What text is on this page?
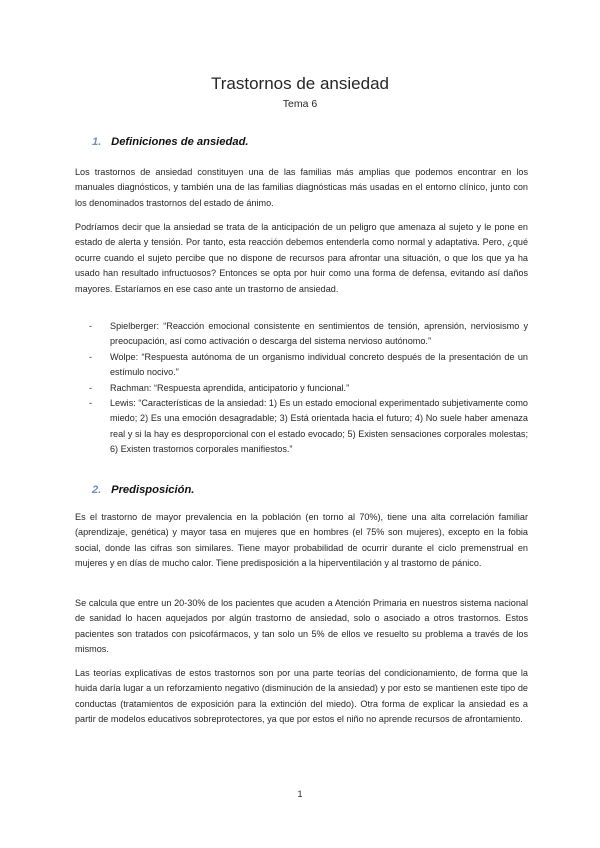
Trastornos de ansiedad
Tema 6
1. Definiciones de ansiedad.

Los trastornos de ansiedad constituyen una de las familias más amplias que podemos encontrar en los manuales diagnósticos, y también una de las familias diagnósticas más usadas en el entorno clínico, junto con los denominados trastornos del estado de ánimo.

Podríamos decir que la ansiedad se trata de la anticipación de un peligro que amenaza al sujeto y le pone en estado de alerta y tensión. Por tanto, esta reacción debemos entenderla como normal y adaptativa. Pero, ¿qué ocurre cuando el sujeto percibe que no dispone de recursos para afrontar una situación, o que los que ya ha usado han resultado infructuosos? Entonces se opta por huir como una forma de defensa, evitando así daños mayores. Estaríamos en ese caso ante un trastorno de ansiedad.

- Spielberger: “Reacción emocional consistente en sentimientos de tensión, aprensión, nerviosismo y preocupación, así como activación o descarga del sistema nervioso autónomo.”
- Wolpe: “Respuesta autónoma de un organismo individual concreto después de la presentación de un estímulo nocivo.”
- Rachman: “Respuesta aprendida, anticipatorio y funcional.”
- Lewis: “Características de la ansiedad: 1) Es un estado emocional experimentado subjetivamente como miedo; 2) Es una emoción desagradable; 3) Está orientada hacia el futuro; 4) No suele haber amenaza real y si la hay es desproporcional con el estado evocado; 5) Existen sensaciones corporales molestas; 6) Existen trastornos corporales manifiestos.”
2. Predisposición.

Es el trastorno de mayor prevalencia en la población (en torno al 70%), tiene una alta correlación familiar (aprendizaje, genética) y mayor tasa en mujeres que en hombres (el 75% son mujeres), excepto en la fobia social, donde las cifras son similares. Tiene mayor probabilidad de ocurrir durante el ciclo premenstrual en mujeres y en días de mucho calor. Tiene predisposición a la hiperventilación y al trastorno de pánico.

Se calcula que entre un 20-30% de los pacientes que acuden a Atención Primaria en nuestros sistema nacional de sanidad lo hacen aquejados por algún trastorno de ansiedad, solo o asociado a otros trastornos. Estos pacientes son tratados con psicofármacos, y tan solo un 5% de ellos ve resuelto su problema a través de los mismos.

Las teorías explicativas de estos trastornos son por una parte teorías del condicionamiento, de forma que la huida daría lugar a un reforzamiento negativo (disminución de la ansiedad) y por esto se mantienen este tipo de conductas (tratamientos de exposición para la extinción del miedo). Otra forma de explicar la ansiedad es a partir de modelos educativos sobreprotectores, ya que por estos el niño no aprende recursos de afrontamiento.

1
